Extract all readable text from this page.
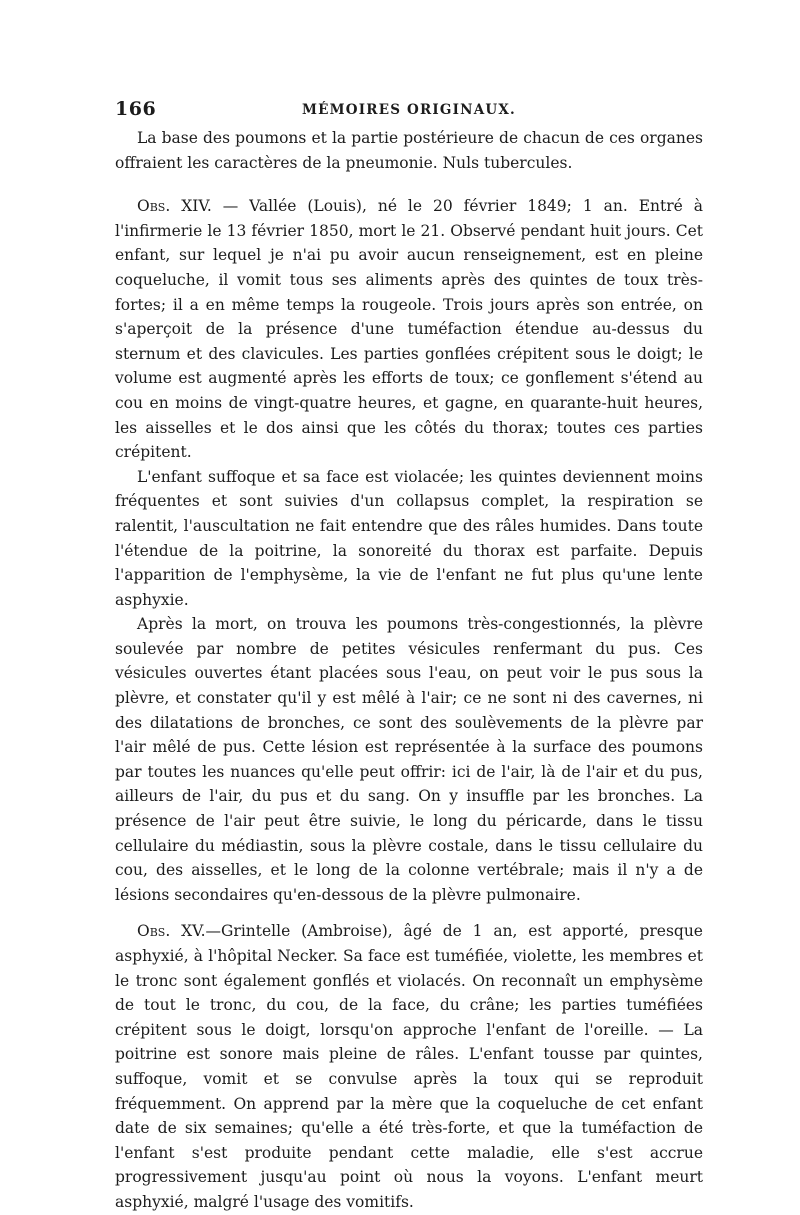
166	MÉMOIRES ORIGINAUX.

La base des poumons et la partie postérieure de chacun de ces organes offraient les caractères de la pneumonie. Nuls tubercules.

Obs. XIV. — Vallée (Louis), né le 20 février 1849; 1 an. Entré à l'infirmerie le 13 février 1850, mort le 21. Observé pendant huit jours. Cet enfant, sur lequel je n'ai pu avoir aucun renseignement, est en pleine coqueluche, il vomit tous ses aliments après des quintes de toux très-fortes; il a en même temps la rougeole. Trois jours après son entrée, on s'aperçoit de la présence d'une tuméfaction étendue au-dessus du sternum et des clavicules. Les parties gonflées crépitent sous le doigt; le volume est augmenté après les efforts de toux; ce gonflement s'étend au cou en moins de vingt-quatre heures, et gagne, en quarante-huit heures, les aisselles et le dos ainsi que les côtés du thorax; toutes ces parties crépitent.

L'enfant suffoque et sa face est violacée; les quintes deviennent moins fréquentes et sont suivies d'un collapsus complet, la respiration se ralentit, l'auscultation ne fait entendre que des râles humides. Dans toute l'étendue de la poitrine, la sonoreité du thorax est parfaite. Depuis l'apparition de l'emphysème, la vie de l'enfant ne fut plus qu'une lente asphyxie.

Après la mort, on trouva les poumons très-congestionnés, la plèvre soulevée par nombre de petites vésicules renfermant du pus. Ces vésicules ouvertes étant placées sous l'eau, on peut voir le pus sous la plèvre, et constater qu'il y est mêlé à l'air; ce ne sont ni des cavernes, ni des dilatations de bronches, ce sont des soulèvements de la plèvre par l'air mêlé de pus. Cette lésion est représentée à la surface des poumons par toutes les nuances qu'elle peut offrir: ici de l'air, là de l'air et du pus, ailleurs de l'air, du pus et du sang. On y insuffle par les bronches. La présence de l'air peut être suivie, le long du péricarde, dans le tissu cellulaire du médiastin, sous la plèvre costale, dans le tissu cellulaire du cou, des aisselles, et le long de la colonne vertébrale; mais il n'y a de lésions secondaires qu'en-dessous de la plèvre pulmonaire.

Obs. XV.—Grintelle (Ambroise), âgé de 1 an, est apporté, presque asphyxié, à l'hôpital Necker. Sa face est tuméfiée, violette, les membres et le tronc sont également gonflés et violacés. On reconnaît un emphysème de tout le tronc, du cou, de la face, du crâne; les parties tuméfiées crépitent sous le doigt, lorsqu'on approche l'enfant de l'oreille. — La poitrine est sonore mais pleine de râles. L'enfant tousse par quintes, suffoque, vomit et se convulse après la toux qui se reproduit fréquemment. On apprend par la mère que la coqueluche de cet enfant date de six semaines; qu'elle a été très-forte, et que la tuméfaction de l'enfant s'est produite pendant cette maladie, elle s'est accrue progressivement jusqu'au point où nous la voyons. L'enfant meurt asphyxié, malgré l'usage des vomitifs.
